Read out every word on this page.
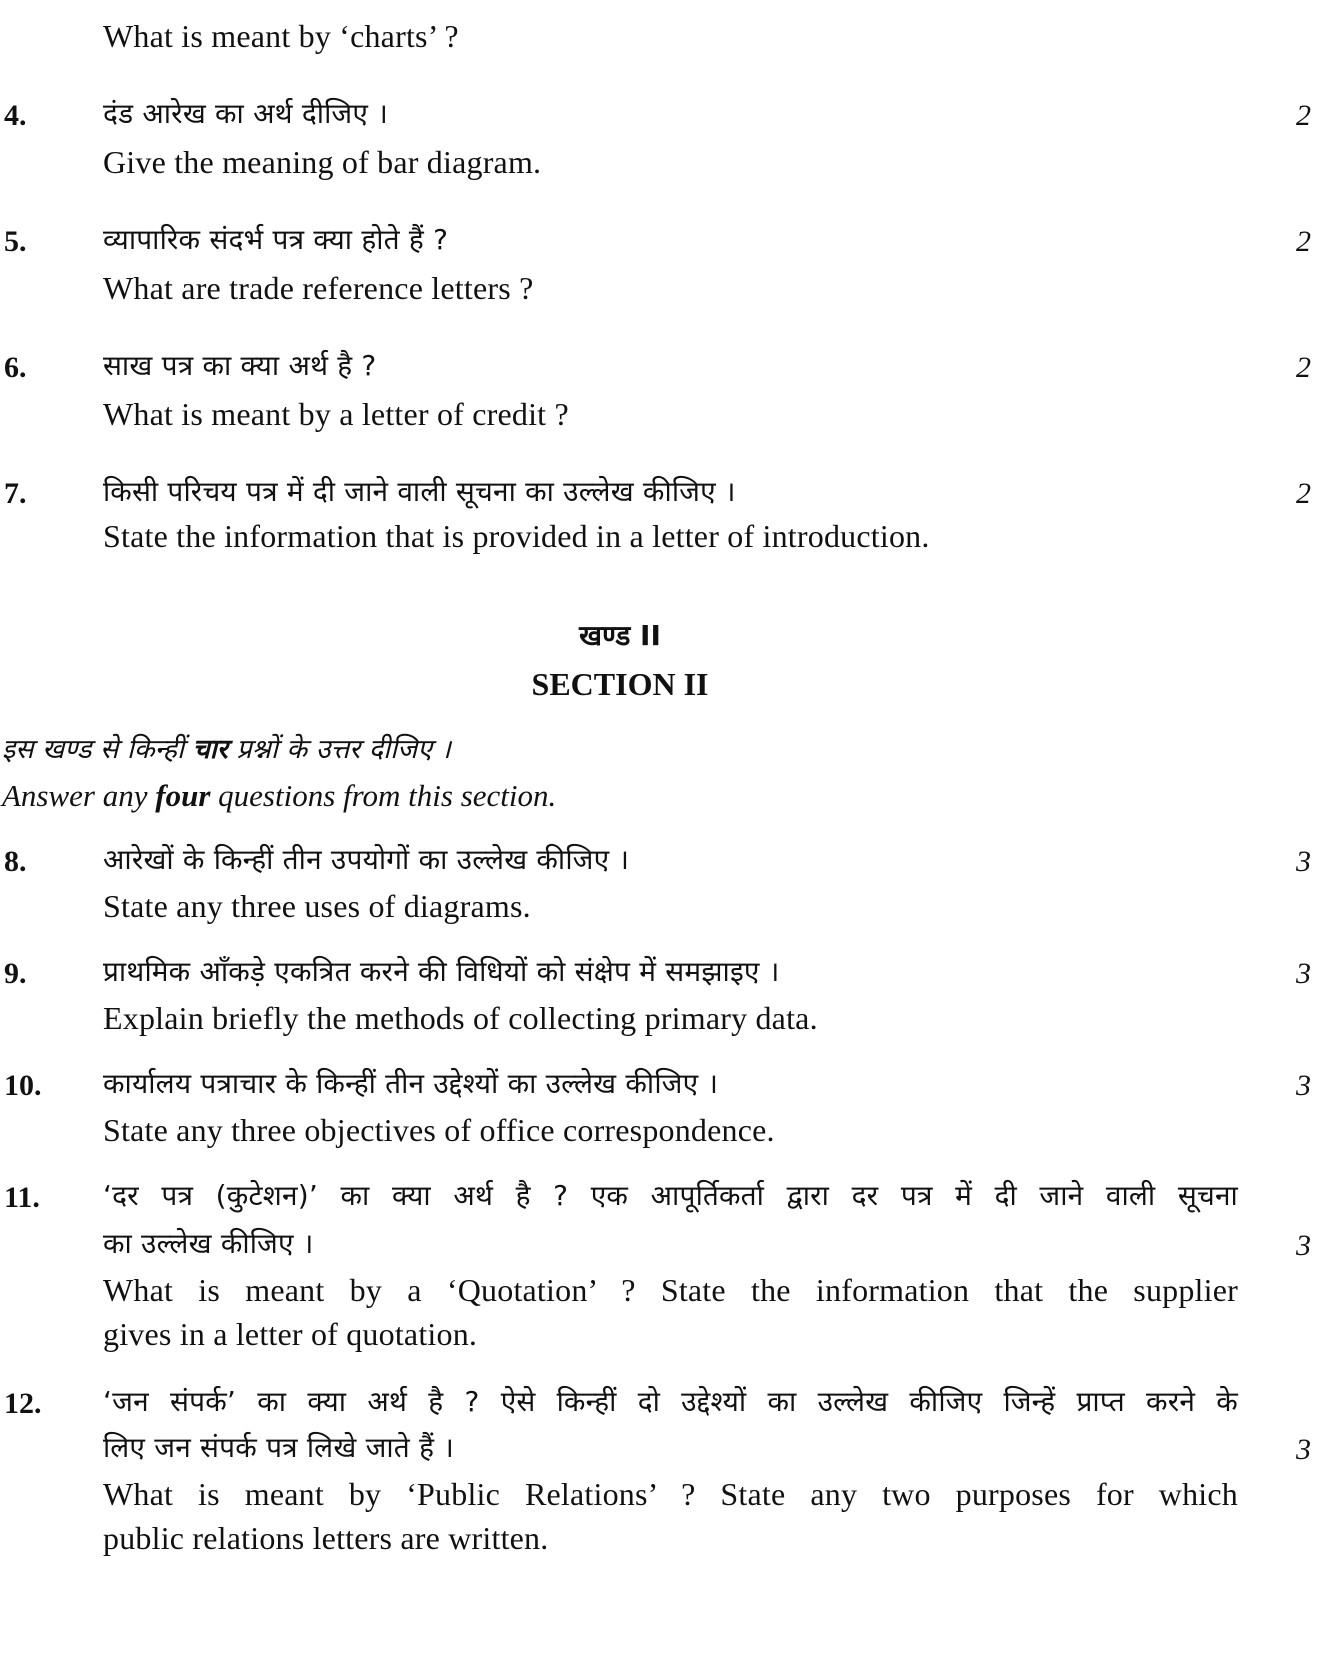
What is meant by ‘charts’ ?
4.	दंड आरेख का अर्थ दीजिए ।	2
Give the meaning of bar diagram.
5.	व्यापारिक संदर्भ पत्र क्या होते हैं ?	2
What are trade reference letters ?
6.	साख पत्र का क्या अर्थ है ?	2
What is meant by a letter of credit ?
7.	किसी परिचय पत्र में दी जाने वाली सूचना का उल्लेख कीजिए ।	2
State the information that is provided in a letter of introduction.
खण्ड II
SECTION II
इस खण्ड से किन्हीं चार प्रश्नों के उत्तर दीजिए ।
Answer any four questions from this section.
8.	आरेखों के किन्हीं तीन उपयोगों का उल्लेख कीजिए ।	3
State any three uses of diagrams.
9.	प्राथमिक आँकड़े एकत्रित करने की विधियों को संक्षेप में समझाइए ।	3
Explain briefly the methods of collecting primary data.
10. कार्यालय पत्राचार के किन्हीं तीन उद्देश्यों का उल्लेख कीजिए ।	3
State any three objectives of office correspondence.
11. ‘दर पत्र (कुटेशन)’ का क्या अर्थ है ? एक आपूर्तिकर्ता द्वारा दर पत्र में दी जाने वाली सूचना
का उल्लेख कीजिए ।	3
What is meant by a ‘Quotation’ ? State the information that the supplier
gives in a letter of quotation.
12. ‘जन संपर्क’ का क्या अर्थ है ? ऐसे किन्हीं दो उद्देश्यों का उल्लेख कीजिए जिन्हें प्राप्त करने के
लिए जन संपर्क पत्र लिखे जाते हैं ।	3
What is meant by ‘Public Relations’ ? State any two purposes for which
public relations letters are written.
